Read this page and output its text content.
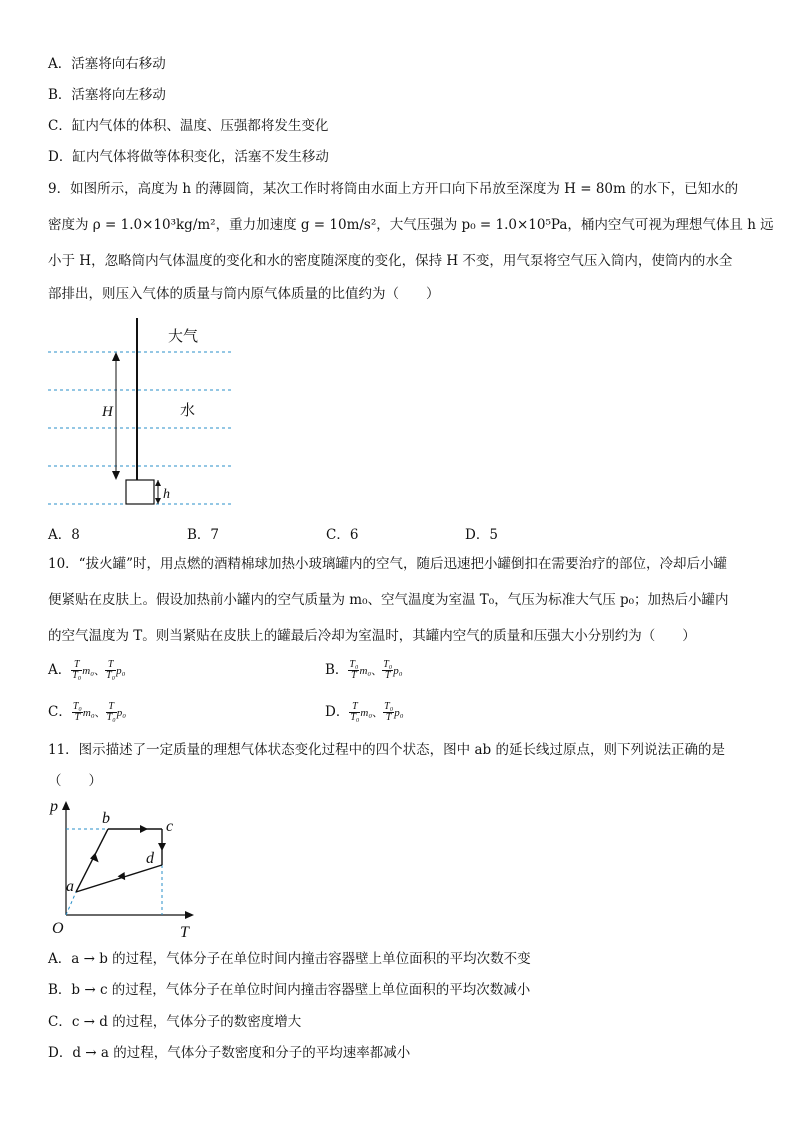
A．活塞将向右移动
B．活塞将向左移动
C．缸内气体的体积、温度、压强都将发生变化
D．缸内气体将做等体积变化，活塞不发生移动
9．如图所示，高度为 h 的薄圆筒，某次工作时将筒由水面上方开口向下吊放至深度为 H = 80m 的水下，已知水的
密度为 ρ = 1.0×10³kg/m²，重力加速度 g = 10m/s²，大气压强为 p₀ = 1.0×10⁵Pa，桶内空气可视为理想气体且 h 远
小于 H，忽略筒内气体温度的变化和水的密度随深度的变化，保持 H 不变，用气泵将空气压入筒内，使筒内的水全
部排出，则压入气体的质量与筒内原气体质量的比值约为（　　）
大气
水
H
h
A．8	B．7	C．6	D．5
10．“拔火罐”时，用点燃的酒精棉球加热小玻璃罐内的空气，随后迅速把小罐倒扣在需要治疗的部位，冷却后小罐
便紧贴在皮肤上。假设加热前小罐内的空气质量为 m₀、空气温度为室温 T₀，气压为标准大气压 p₀；加热后小罐内
的空气温度为 T。则当紧贴在皮肤上的罐最后冷却为室温时，其罐内空气的质量和压强大小分别约为（　　）
A． $\frac{T}{\text{T₀}} m_0$、 $\frac{T}{\text{T₀}} p_0$	B． $\frac{\text{T₀}}{T} m_0$、 $\frac{\text{T₀}}{T} p_0$
C． $\frac{\text{T₀}}{T} m_0$、 $\frac{T}{\text{T₀}} p_0$	D． $\frac{T}{\text{T₀}} m_0$、 $\frac{\text{T₀}}{T} p_0$
11．图示描述了一定质量的理想气体状态变化过程中的四个状态，图中 ab 的延长线过原点，则下列说法正确的是
（　　）
p
T
O
a
b	c
d
A．a → b 的过程，气体分子在单位时间内撞击容器壁上单位面积的平均次数不变
B．b → c 的过程，气体分子在单位时间内撞击容器壁上单位面积的平均次数减小
C．c → d 的过程，气体分子的数密度增大
D．d → a 的过程，气体分子数密度和分子的平均速率都减小
